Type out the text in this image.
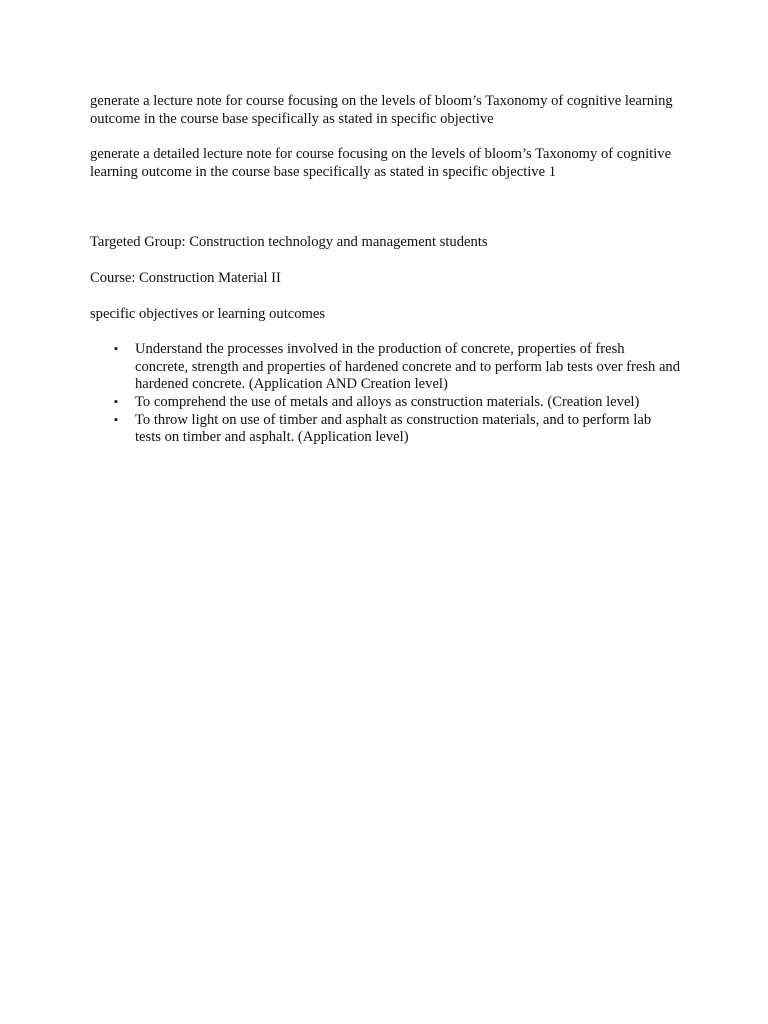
generate a lecture note for course focusing on the levels of bloom’s Taxonomy of cognitive learning outcome in the course base specifically as stated in specific objective

generate a detailed lecture note for course focusing on the levels of bloom’s Taxonomy of cognitive learning outcome in the course base specifically as stated in specific objective 1

Targeted Group: Construction technology and management students

Course: Construction Material II

specific objectives or learning outcomes

▪ Understand the processes involved in the production of concrete, properties of fresh concrete, strength and properties of hardened concrete and to perform lab tests over fresh and hardened concrete. (Application AND Creation level)
▪ To comprehend the use of metals and alloys as construction materials. (Creation level)
▪ To throw light on use of timber and asphalt as construction materials, and to perform lab tests on timber and asphalt. (Application level)
